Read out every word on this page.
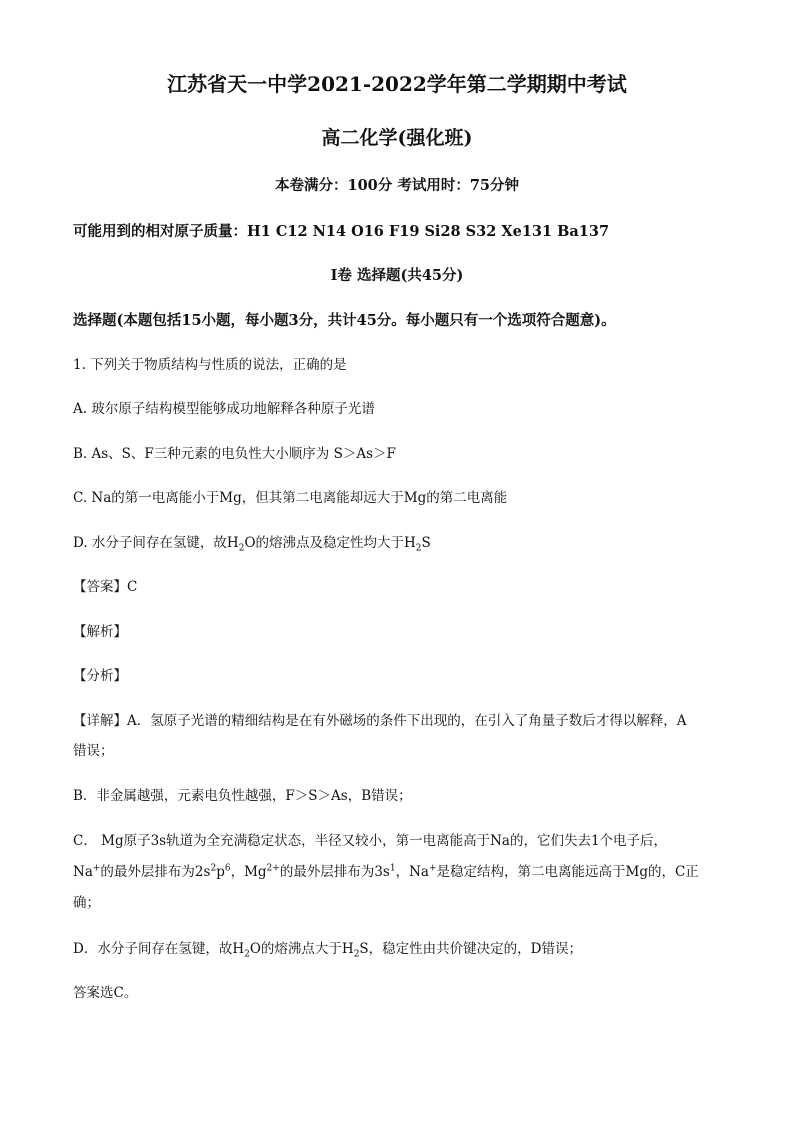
江苏省天一中学2021-2022学年第二学期期中考试
高二化学(强化班)
本卷满分：100分 考试用时：75分钟
可能用到的相对原子质量：H1 C12 N14 O16 F19 Si28 S32 Xe131 Ba137
I卷 选择题(共45分)
选择题(本题包括15小题，每小题3分，共计45分。每小题只有一个选项符合题意)。
1. 下列关于物质结构与性质的说法，正确的是
A. 玻尔原子结构模型能够成功地解释各种原子光谱
B. As、S、F三种元素的电负性大小顺序为 S＞As＞F
C. Na的第一电离能小于Mg，但其第二电离能却远大于Mg的第二电离能
D. 水分子间存在氢键，故$H_2O$的熔沸点及稳定性均大于$H_2S$
【答案】C
【解析】
【分析】
【详解】A．氢原子光谱的精细结构是在有外磁场的条件下出现的，在引入了角量子数后才得以解释，A
错误；
B．非金属越强，元素电负性越强，F＞S＞As，B错误；
C． Mg原子3s轨道为全充满稳定状态，半径又较小，第一电离能高于Na的，它们失去1个电子后，
Na+的最外层排布为$2s^2p^6$，$Mg^{2+}$的最外层排布为$3s^1$，Na+是稳定结构，第二电离能远高于Mg的，C正
确；
D．水分子间存在氢键，故$H_2O$的熔沸点大于$H_2S$，稳定性由共价键决定的，D错误；
答案选C。
